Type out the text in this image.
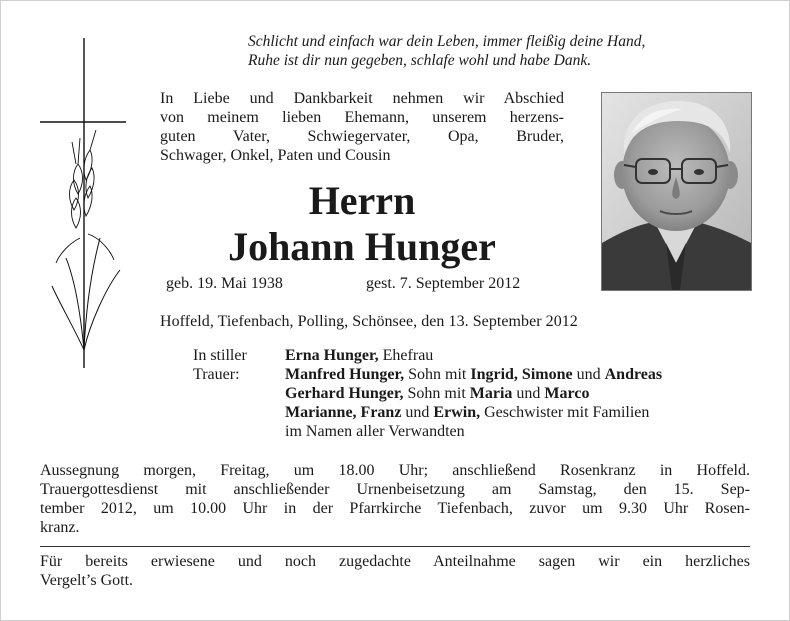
Schlicht und einfach war dein Leben, immer fleißig deine Hand,
Ruhe ist dir nun gegeben, schlafe wohl und habe Dank.
In Liebe und Dankbarkeit nehmen wir Abschied
von meinem lieben Ehemann, unserem herzens-
guten Vater, Schwiegervater, Opa, Bruder,
Schwager, Onkel, Paten und Cousin
Herrn
Johann Hunger
geb. 19. Mai 1938	gest. 7. September 2012
Hoffeld, Tiefenbach, Polling, Schönsee, den 13. September 2012
In stiller
Trauer:
Erna Hunger, Ehefrau
Manfred Hunger, Sohn mit Ingrid, Simone und Andreas
Gerhard Hunger, Sohn mit Maria und Marco
Marianne, Franz und Erwin, Geschwister mit Familien
im Namen aller Verwandten
Aussegnung morgen, Freitag, um 18.00 Uhr; anschließend Rosenkranz in Hoffeld.
Trauergottesdienst mit anschließender Urnenbeisetzung am Samstag, den 15. Sep-
tember 2012, um 10.00 Uhr in der Pfarrkirche Tiefenbach, zuvor um 9.30 Uhr Rosen-
kranz.
Für bereits erwiesene und noch zugedachte Anteilnahme sagen wir ein herzliches
Vergelt’s Gott.
